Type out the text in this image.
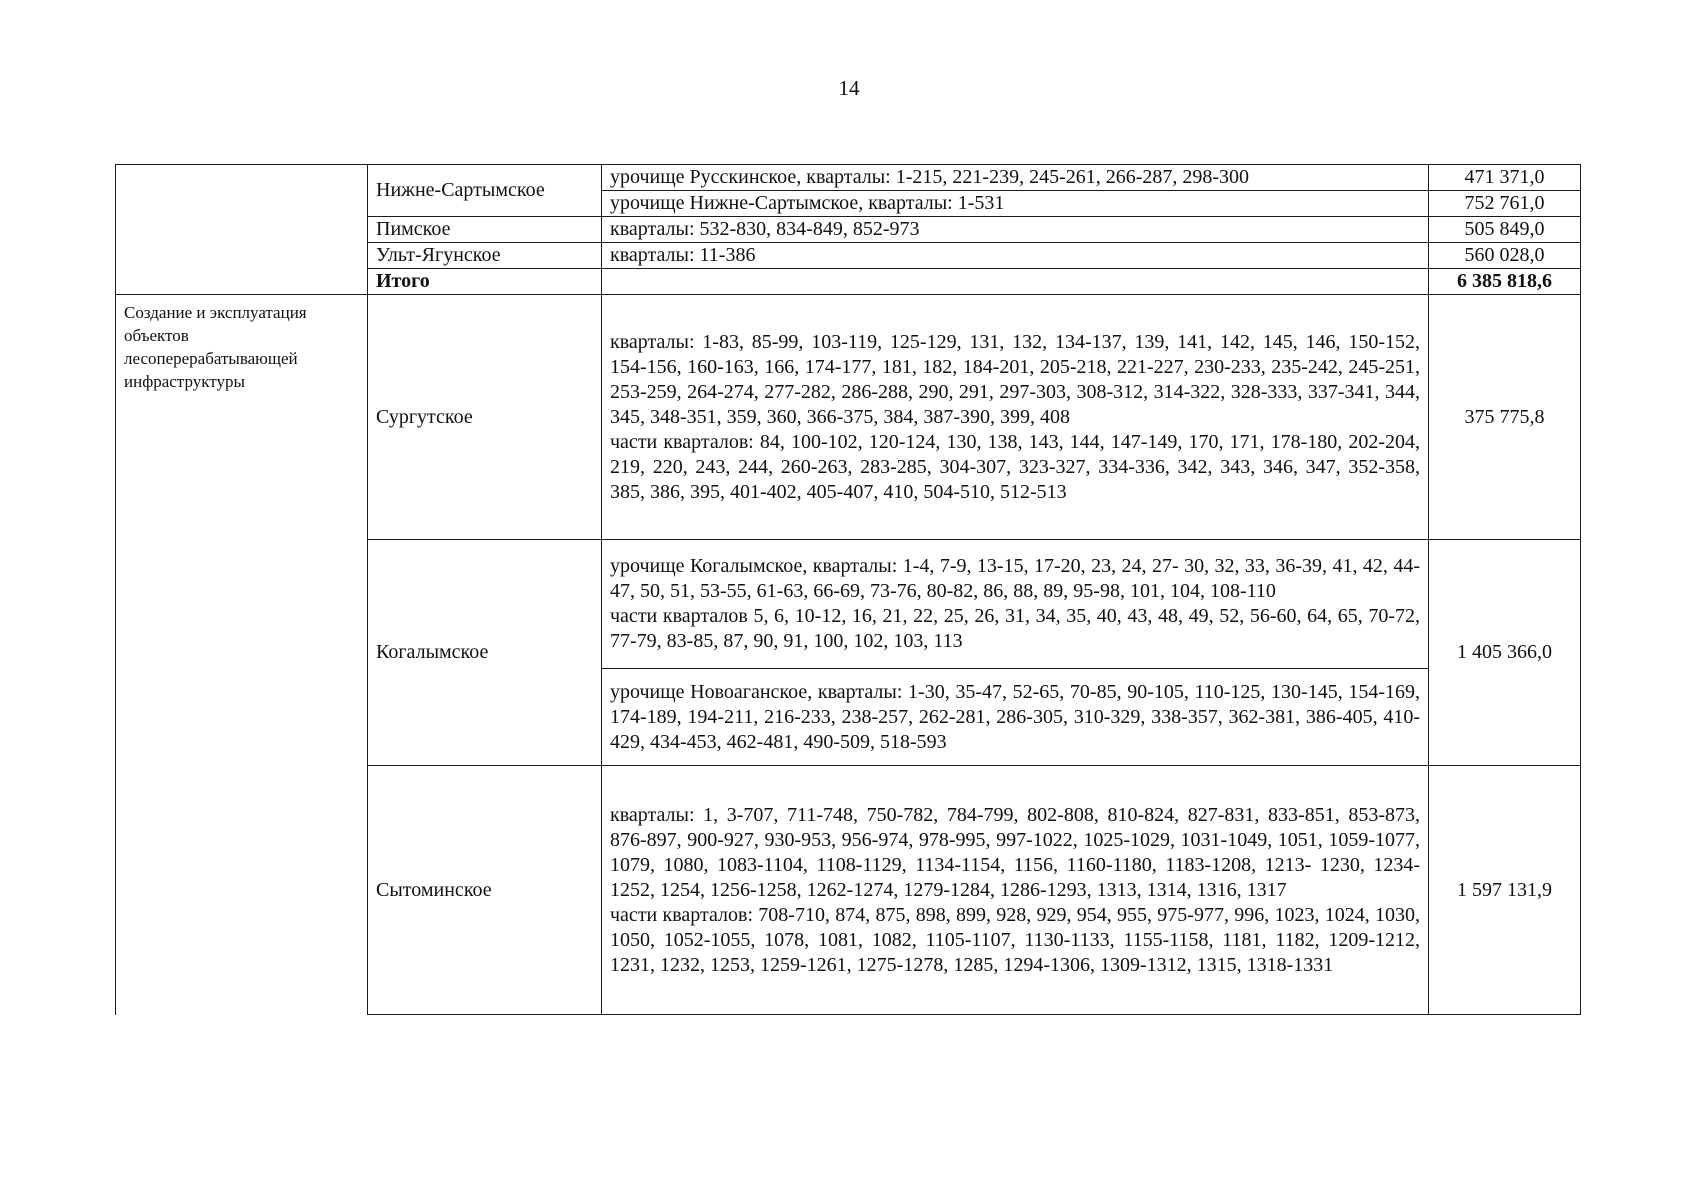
14
	Нижне-Сартымское	урочище Русскинское, кварталы: 1-215, 221-239, 245-261, 266-287, 298-300	471 371,0
		урочище Нижне-Сартымское, кварталы: 1-531	752 761,0
	Пимское	кварталы: 532-830, 834-849, 852-973	505 849,0
	Ульт-Ягунское	кварталы: 11-386	560 028,0
	Итого		6 385 818,6
Создание и эксплуатация объектов лесоперерабатывающей инфраструктуры	Сургутское	кварталы: 1-83, 85-99, 103-119, 125-129, 131, 132, 134-137, 139, 141, 142, 145, 146, 150-152, 154-156, 160-163, 166, 174-177, 181, 182, 184-201, 205-218, 221-227, 230-233, 235-242, 245-251, 253-259, 264-274, 277-282, 286-288, 290, 291, 297-303, 308-312, 314-322, 328-333, 337-341, 344, 345, 348-351, 359, 360, 366-375, 384, 387-390, 399, 408
части кварталов: 84, 100-102, 120-124, 130, 138, 143, 144, 147-149, 170, 171, 178-180, 202-204, 219, 220, 243, 244, 260-263, 283-285, 304-307, 323-327, 334-336, 342, 343, 346, 347, 352-358, 385, 386, 395, 401-402, 405-407, 410, 504-510, 512-513	375 775,8
	Когалымское	урочище Когалымское, кварталы: 1-4, 7-9, 13-15, 17-20, 23, 24, 27- 30, 32, 33, 36-39, 41, 42, 44-47, 50, 51, 53-55, 61-63, 66-69, 73-76, 80-82, 86, 88, 89, 95-98, 101, 104, 108-110
части кварталов 5, 6, 10-12, 16, 21, 22, 25, 26, 31, 34, 35, 40, 43, 48, 49, 52, 56-60, 64, 65, 70-72, 77-79, 83-85, 87, 90, 91, 100, 102, 103, 113	1 405 366,0
		урочище Новоаганское, кварталы: 1-30, 35-47, 52-65, 70-85, 90-105, 110-125, 130-145, 154-169, 174-189, 194-211, 216-233, 238-257, 262-281, 286-305, 310-329, 338-357, 362-381, 386-405, 410-429, 434-453, 462-481, 490-509, 518-593	
	Сытоминское	кварталы: 1, 3-707, 711-748, 750-782, 784-799, 802-808, 810-824, 827-831, 833-851, 853-873, 876-897, 900-927, 930-953, 956-974, 978-995, 997-1022, 1025-1029, 1031-1049, 1051, 1059-1077, 1079, 1080, 1083-1104, 1108-1129, 1134-1154, 1156, 1160-1180, 1183-1208, 1213- 1230, 1234-1252, 1254, 1256-1258, 1262-1274, 1279-1284, 1286-1293, 1313, 1314, 1316, 1317
части кварталов: 708-710, 874, 875, 898, 899, 928, 929, 954, 955, 975-977, 996, 1023, 1024, 1030, 1050, 1052-1055, 1078, 1081, 1082, 1105-1107, 1130-1133, 1155-1158, 1181, 1182, 1209-1212, 1231, 1232, 1253, 1259-1261, 1275-1278, 1285, 1294-1306, 1309-1312, 1315, 1318-1331	1 597 131,9
